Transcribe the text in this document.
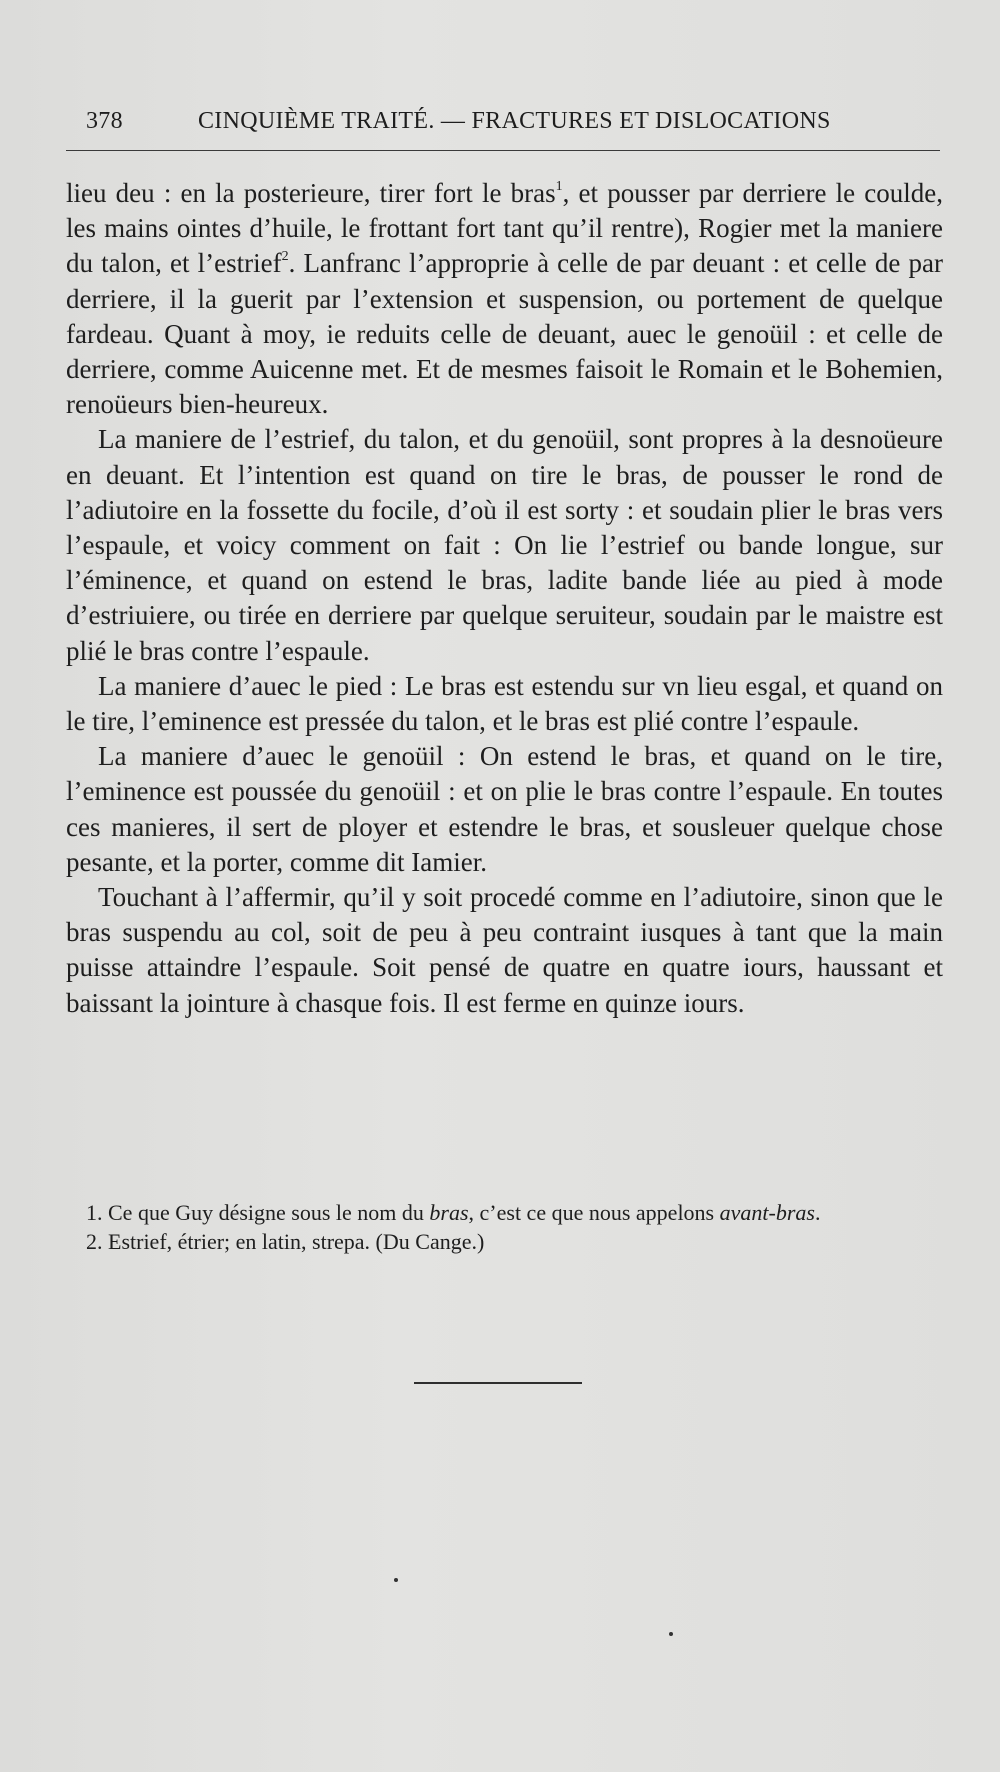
378	CINQUIÈME TRAITÉ. — FRACTURES ET DISLOCATIONS

lieu deu : en la posterieure, tirer fort le bras$^1$, et pousser par derriere le coulde, les mains ointes d’huile, le frottant fort tant qu’il rentre), Rogier met la maniere du talon, et l’estrief$^2$. Lanfranc l’approprie à celle de par deuant : et celle de par derriere, il la guerit par l’extension et suspension, ou portement de quelque fardeau. Quant à moy, ie reduits celle de deuant, auec le genoüil : et celle de derriere, comme Auicenne met. Et de mesmes faisoit le Romain et le Bohemien, renoüeurs bien-heureux.

La maniere de l’estrief, du talon, et du genoüil, sont propres à la desnoüeure en deuant. Et l’intention est quand on tire le bras, de pousser le rond de l’adiutoire en la fossette du focile, d’où il est sorty : et soudain plier le bras vers l’espaule, et voicy comment on fait : On lie l’estrief ou bande longue, sur l’éminence, et quand on estend le bras, ladite bande liée au pied à mode d’estriuiere, ou tirée en derriere par quelque seruiteur, soudain par le maistre est plié le bras contre l’espaule.

La maniere d’auec le pied : Le bras est estendu sur vn lieu esgal, et quand on le tire, l’eminence est pressée du talon, et le bras est plié contre l’espaule.

La maniere d’auec le genoüil : On estend le bras, et quand on le tire, l’eminence est poussée du genoüil : et on plie le bras contre l’espaule. En toutes ces manieres, il sert de ployer et estendre le bras, et sousleuer quelque chose pesante, et la porter, comme dit Iamier.

Touchant à l’affermir, qu’il y soit procedé comme en l’adiutoire, sinon que le bras suspendu au col, soit de peu à peu contraint iusques à tant que la main puisse attaindre l’espaule. Soit pensé de quatre en quatre iours, haussant et baissant la jointure à chasque fois. Il est ferme en quinze iours.

1. Ce que Guy désigne sous le nom du bras, c’est ce que nous appelons avant-bras.

2. Estrief, étrier; en latin, strepa. (Du Cange.)
